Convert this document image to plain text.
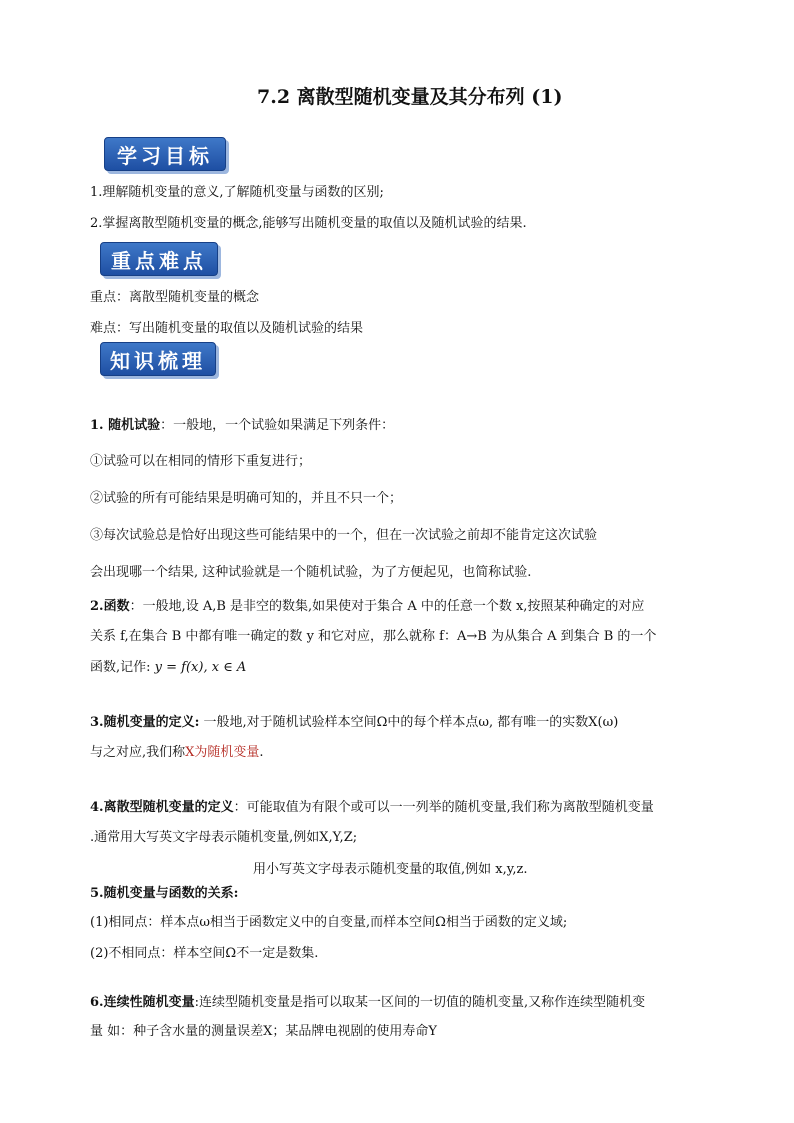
7.2 离散型随机变量及其分布列 (1)
学习目标
1.理解随机变量的意义,了解随机变量与函数的区别;
2.掌握离散型随机变量的概念,能够写出随机变量的取值以及随机试验的结果.
重点难点
重点：离散型随机变量的概念
难点：写出随机变量的取值以及随机试验的结果
知识梳理
1. 随机试验：一般地，一个试验如果满足下列条件：
①试验可以在相同的情形下重复进行；
②试验的所有可能结果是明确可知的，并且不只一个；
③每次试验总是恰好出现这些可能结果中的一个，但在一次试验之前却不能肯定这次试验
会出现哪一个结果, 这种试验就是一个随机试验，为了方便起见，也简称试验.
2.函数：一般地,设 A,B 是非空的数集,如果使对于集合 A 中的任意一个数 x,按照某种确定的对应
关系 f,在集合 B 中都有唯一确定的数 y 和它对应，那么就称 f：A→B 为从集合 A 到集合 B 的一个
函数,记作: y = f(x), x ∈ A
3.随机变量的定义: 一般地,对于随机试验样本空间Ω中的每个样本点ω, 都有唯一的实数X(ω)
与之对应,我们称X为随机变量.
4.离散型随机变量的定义：可能取值为有限个或可以一一列举的随机变量,我们称为离散型随机变量
.通常用大写英文字母表示随机变量,例如X,Y,Z;
用小写英文字母表示随机变量的取值,例如 x,y,z.
5.随机变量与函数的关系:
(1)相同点：样本点ω相当于函数定义中的自变量,而样本空间Ω相当于函数的定义域;
(2)不相同点：样本空间Ω不一定是数集.
6.连续性随机变量:连续型随机变量是指可以取某一区间的一切值的随机变量,又称作连续型随机变
量 如：种子含水量的测量误差X；某品牌电视剧的使用寿命Y
